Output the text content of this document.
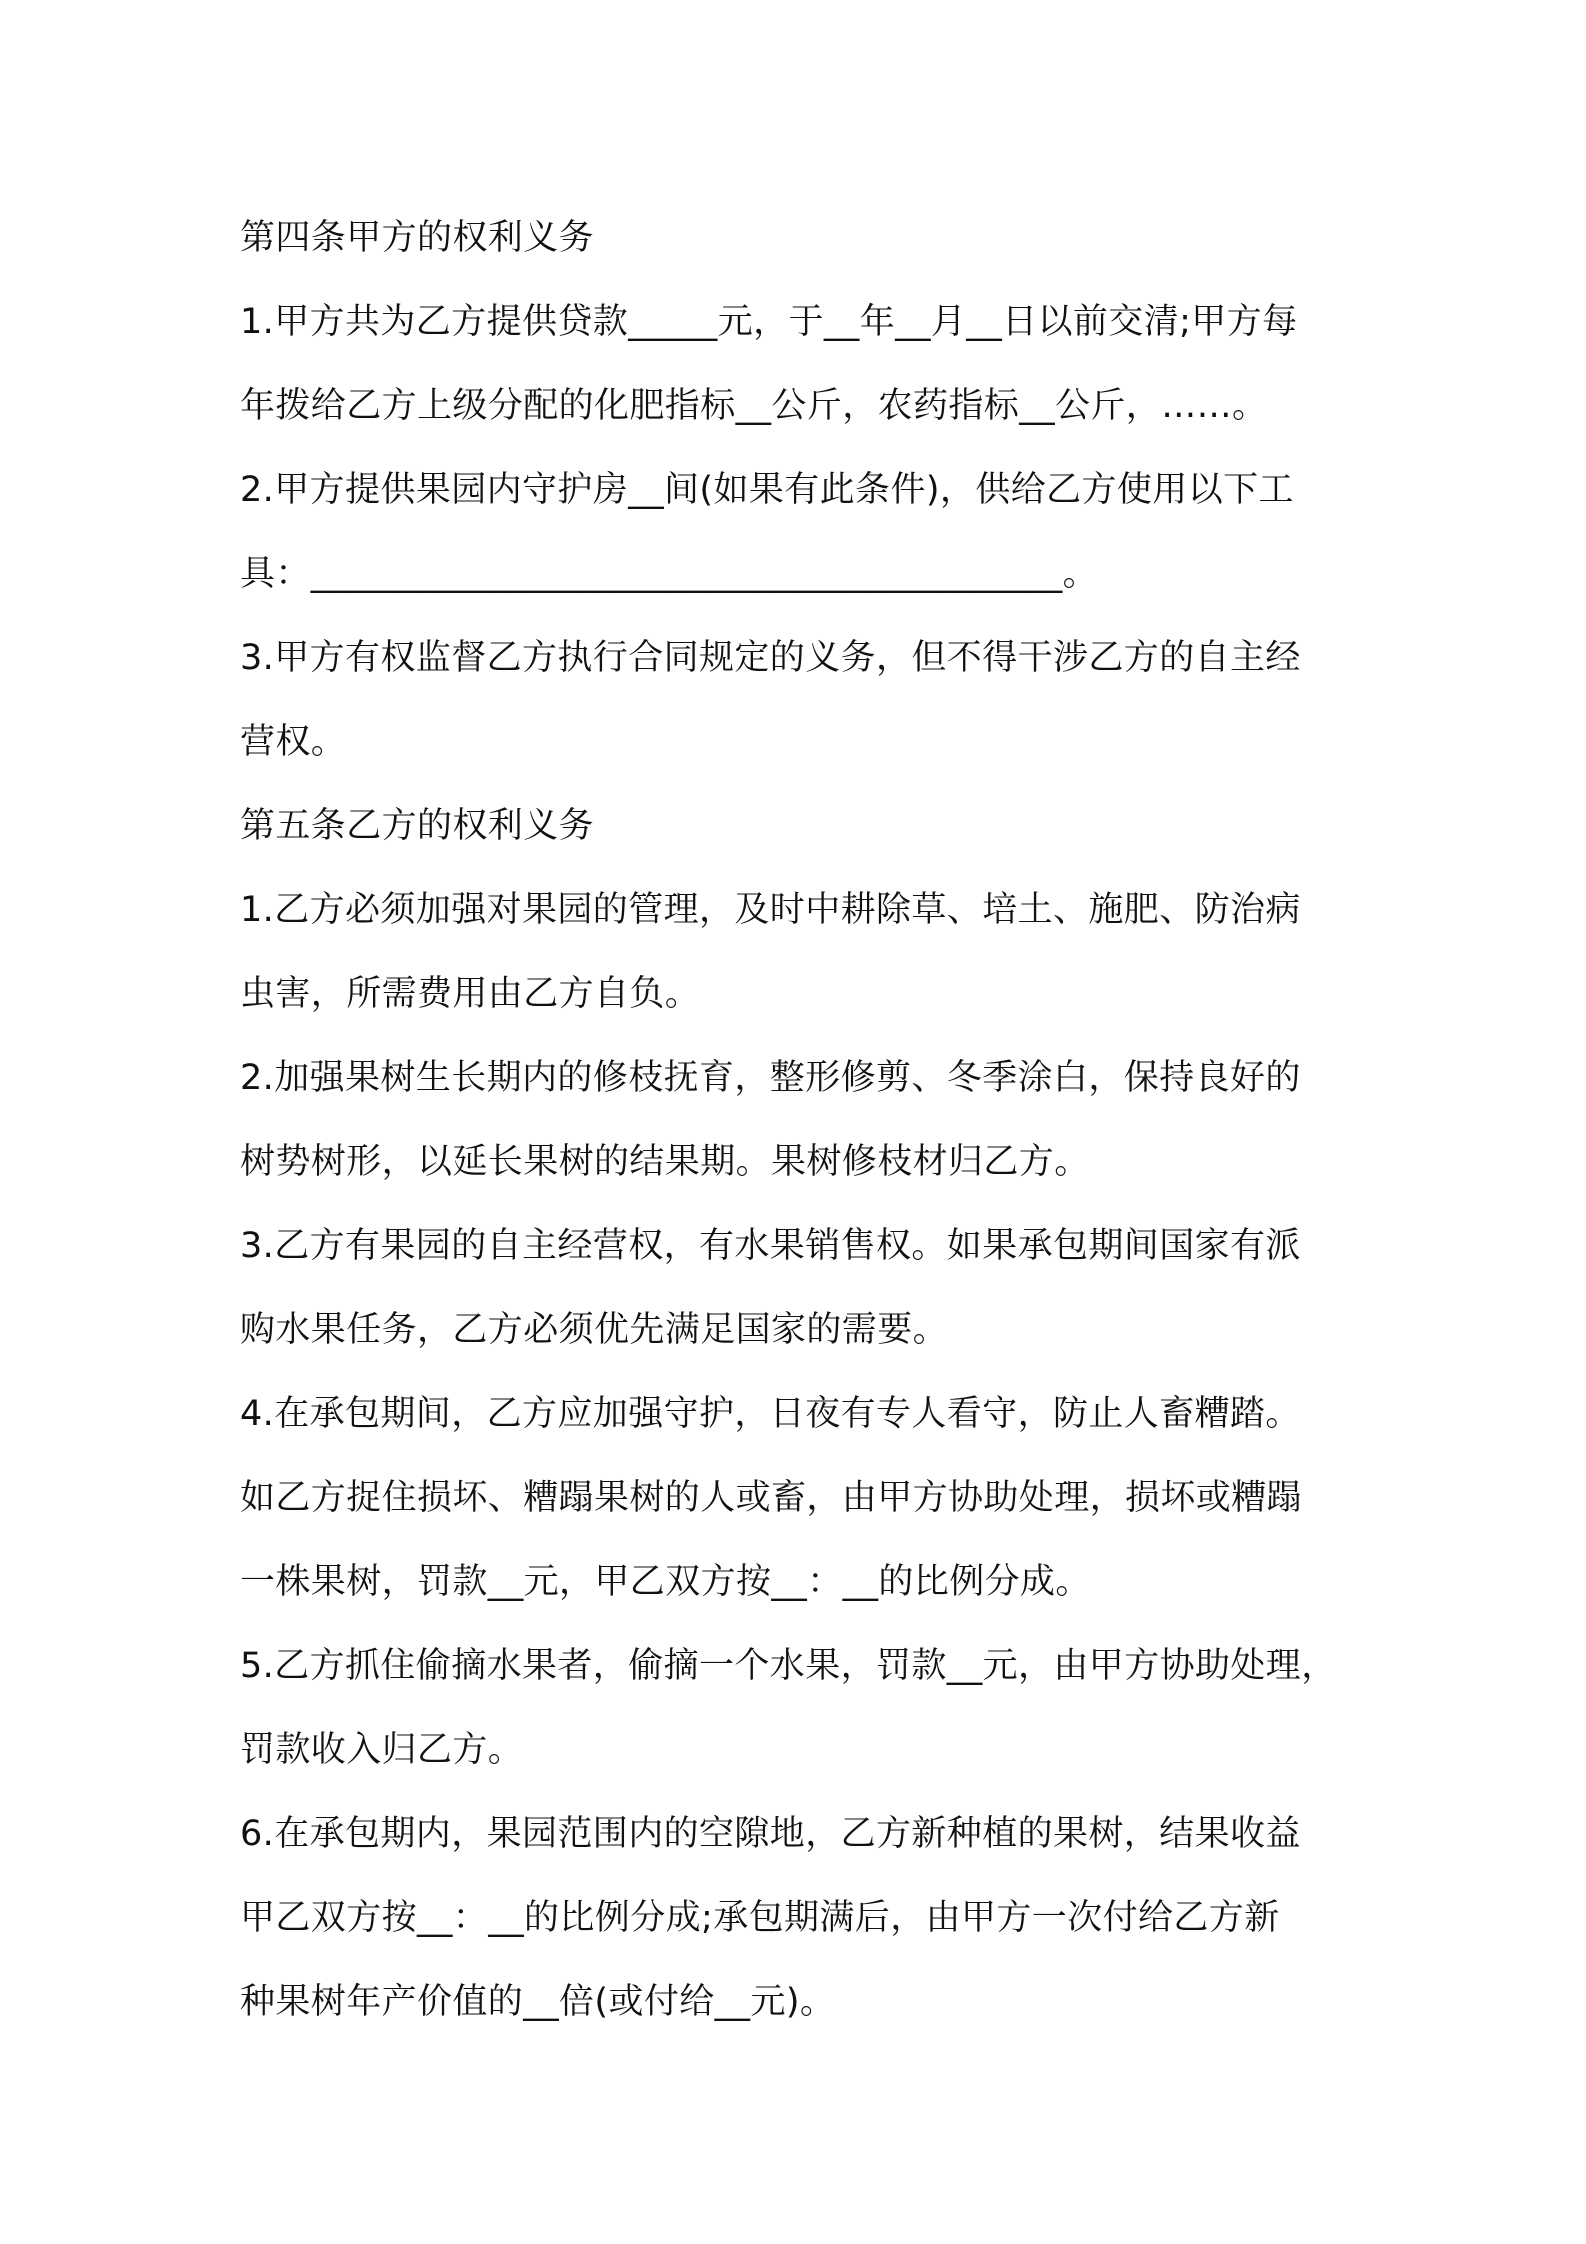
第四条甲方的权利义务
1.甲方共为乙方提供贷款_____元，于__年__月__日以前交清;甲方每
年拨给乙方上级分配的化肥指标__公斤，农药指标__公斤，……。
2.甲方提供果园内守护房__间(如果有此条件)，供给乙方使用以下工
具：__________________________________________。
3.甲方有权监督乙方执行合同规定的义务，但不得干涉乙方的自主经
营权。
第五条乙方的权利义务
1.乙方必须加强对果园的管理，及时中耕除草、培土、施肥、防治病
虫害，所需费用由乙方自负。
2.加强果树生长期内的修枝抚育，整形修剪、冬季涂白，保持良好的
树势树形，以延长果树的结果期。果树修枝材归乙方。
3.乙方有果园的自主经营权，有水果销售权。如果承包期间国家有派
购水果任务，乙方必须优先满足国家的需要。
4.在承包期间，乙方应加强守护，日夜有专人看守，防止人畜糟踏。
如乙方捉住损坏、糟蹋果树的人或畜，由甲方协助处理，损坏或糟蹋
一株果树，罚款__元，甲乙双方按__：__的比例分成。
5.乙方抓住偷摘水果者，偷摘一个水果，罚款__元，由甲方协助处理，
罚款收入归乙方。
6.在承包期内，果园范围内的空隙地，乙方新种植的果树，结果收益
甲乙双方按__：__的比例分成;承包期满后，由甲方一次付给乙方新
种果树年产价值的__倍(或付给__元)。
